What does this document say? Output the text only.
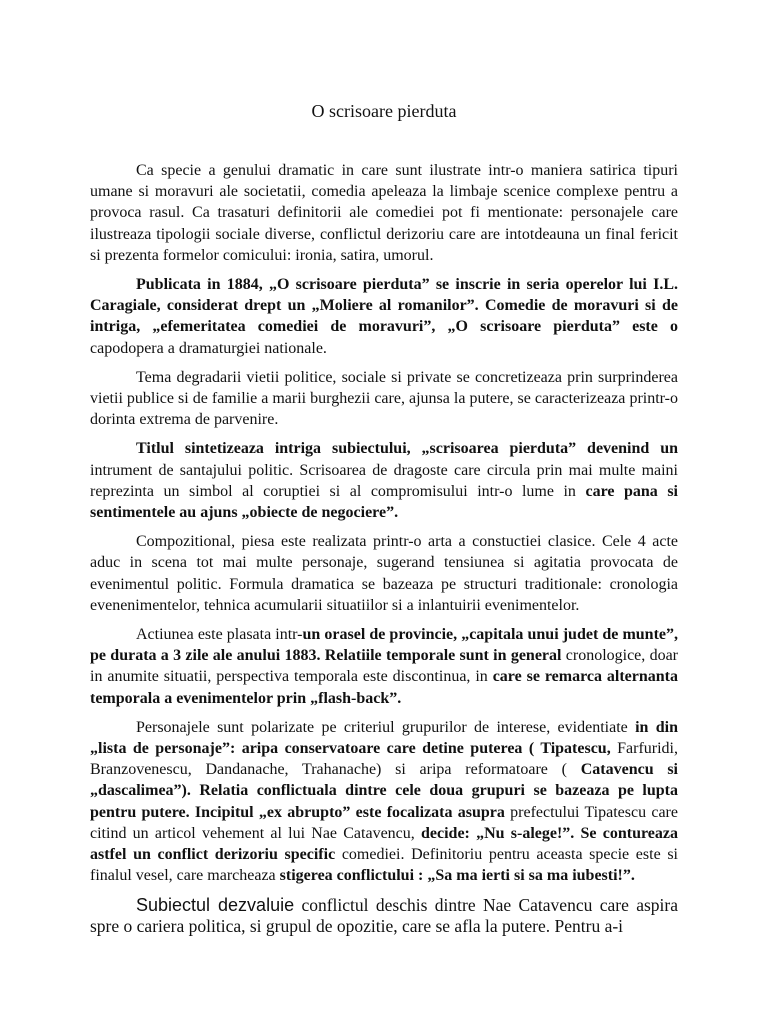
O scrisoare pierduta

Ca specie a genului dramatic in care sunt ilustrate intr-o maniera satirica tipuri umane si moravuri ale societatii, comedia apeleaza la limbaje scenice complexe pentru a provoca rasul. Ca trasaturi definitorii ale comediei pot fi mentionate: personajele care ilustreaza tipologii sociale diverse, conflictul derizoriu care are intotdeauna un final fericit si prezenta formelor comicului: ironia, satira, umorul.

Publicata in 1884, „O scrisoare pierduta” se inscrie in seria operelor lui I.L. Caragiale, considerat drept un „Moliere al romanilor”. Comedie de moravuri si de intriga, „efemeritatea comediei de moravuri”, „O scrisoare pierduta” este o capodopera a dramaturgiei nationale.

Tema degradarii vietii politice, sociale si private se concretizeaza prin surprinderea vietii publice si de familie a marii burghezii care, ajunsa la putere, se caracterizeaza printr-o dorinta extrema de parvenire.

Titlul sintetizeaza intriga subiectului, „scrisoarea pierduta” devenind un intrument de santajului politic. Scrisoarea de dragoste care circula prin mai multe maini reprezinta un simbol al coruptiei si al compromisului intr-o lume in care pana si sentimentele au ajuns „obiecte de negociere”.

Compozitional, piesa este realizata printr-o arta a constuctiei clasice. Cele 4 acte aduc in scena tot mai multe personaje, sugerand tensiunea si agitatia provocata de evenimentul politic. Formula dramatica se bazeaza pe structuri traditionale: cronologia evenenimentelor, tehnica acumularii situatiilor si a inlantuirii evenimentelor.

Actiunea este plasata intr-un orasel de provincie, „capitala unui judet de munte”, pe durata a 3 zile ale anului 1883. Relatiile temporale sunt in general cronologice, doar in anumite situatii, perspectiva temporala este discontinua, in care se remarca alternanta temporala a evenimentelor prin „flash-back”.

Personajele sunt polarizate pe criteriul grupurilor de interese, evidentiate in din „lista de personaje”: aripa conservatoare care detine puterea ( Tipatescu, Farfuridi, Branzovenescu, Dandanache, Trahanache) si aripa reformatoare ( Catavencu si „dascalimea”). Relatia conflictuala dintre cele doua grupuri se bazeaza pe lupta pentru putere. Incipitul „ex abrupto” este focalizata asupra prefectului Tipatescu care citind un articol vehement al lui Nae Catavencu, decide: „Nu s-alege!”. Se contureaza astfel un conflict derizoriu specific comediei. Definitoriu pentru aceasta specie este si finalul vesel, care marcheaza stigerea conflictului : „Sa ma ierti si sa ma iubesti!”.

Subiectul dezvaluie conflictul deschis dintre Nae Catavencu care aspira spre o cariera politica, si grupul de opozitie, care se afla la putere. Pentru a-i
